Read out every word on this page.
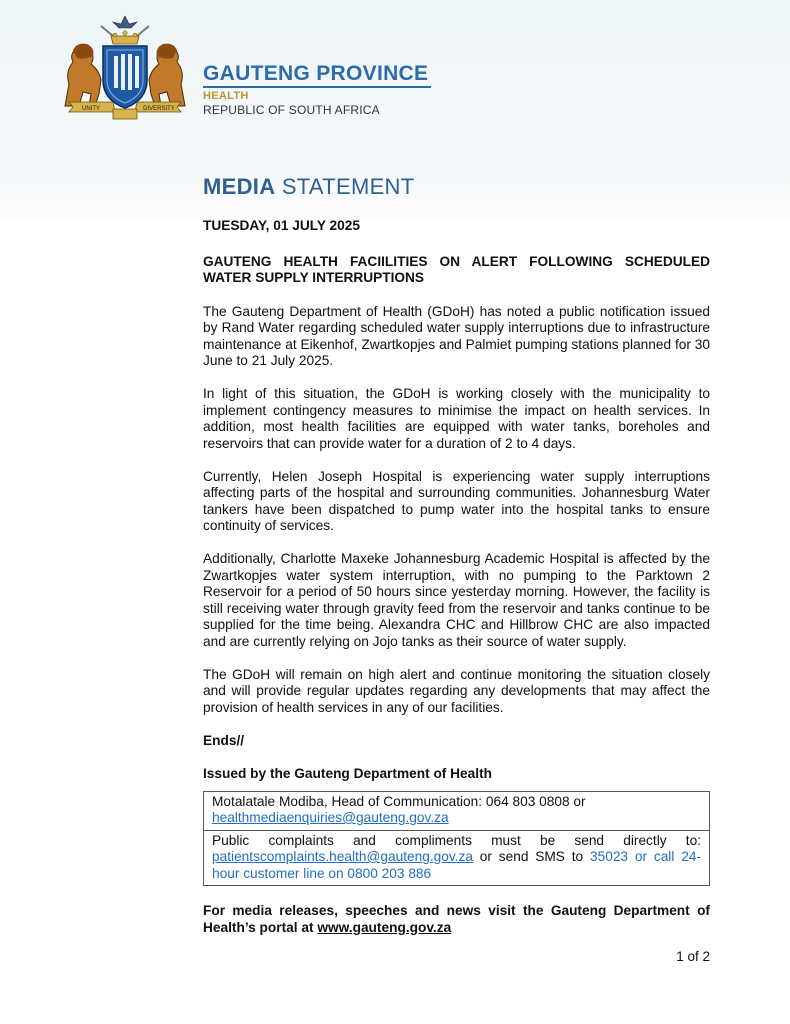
UNITY	DIVERSITY
GAUTENG PROVINCE
HEALTH
REPUBLIC OF SOUTH AFRICA
MEDIA STATEMENT

TUESDAY, 01 JULY 2025

GAUTENG HEALTH FACIILITIES ON ALERT FOLLOWING SCHEDULED WATER SUPPLY INTERRUPTIONS

The Gauteng Department of Health (GDoH) has noted a public notification issued by Rand Water regarding scheduled water supply interruptions due to infrastructure maintenance at Eikenhof, Zwartkopjes and Palmiet pumping stations planned for 30 June to 21 July 2025.

In light of this situation, the GDoH is working closely with the municipality to implement contingency measures to minimise the impact on health services. In addition, most health facilities are equipped with water tanks, boreholes and reservoirs that can provide water for a duration of 2 to 4 days.

Currently, Helen Joseph Hospital is experiencing water supply interruptions affecting parts of the hospital and surrounding communities. Johannesburg Water tankers have been dispatched to pump water into the hospital tanks to ensure continuity of services.

Additionally, Charlotte Maxeke Johannesburg Academic Hospital is affected by the Zwartkopjes water system interruption, with no pumping to the Parktown 2 Reservoir for a period of 50 hours since yesterday morning. However, the facility is still receiving water through gravity feed from the reservoir and tanks continue to be supplied for the time being. Alexandra CHC and Hillbrow CHC are also impacted and are currently relying on Jojo tanks as their source of water supply.

The GDoH will remain on high alert and continue monitoring the situation closely and will provide regular updates regarding any developments that may affect the provision of health services in any of our facilities.

Ends//

Issued by the Gauteng Department of Health

Motalatale Modiba, Head of Communication: 064 803 0808 or
healthmediaenquiries@gauteng.gov.za
Public complaints and compliments must be send directly to: patientscomplaints.health@gauteng.gov.za or send SMS to 35023 or call 24-hour customer line on 0800 203 886

For media releases, speeches and news visit the Gauteng Department of Health’s portal at www.gauteng.gov.za

1 of 2
